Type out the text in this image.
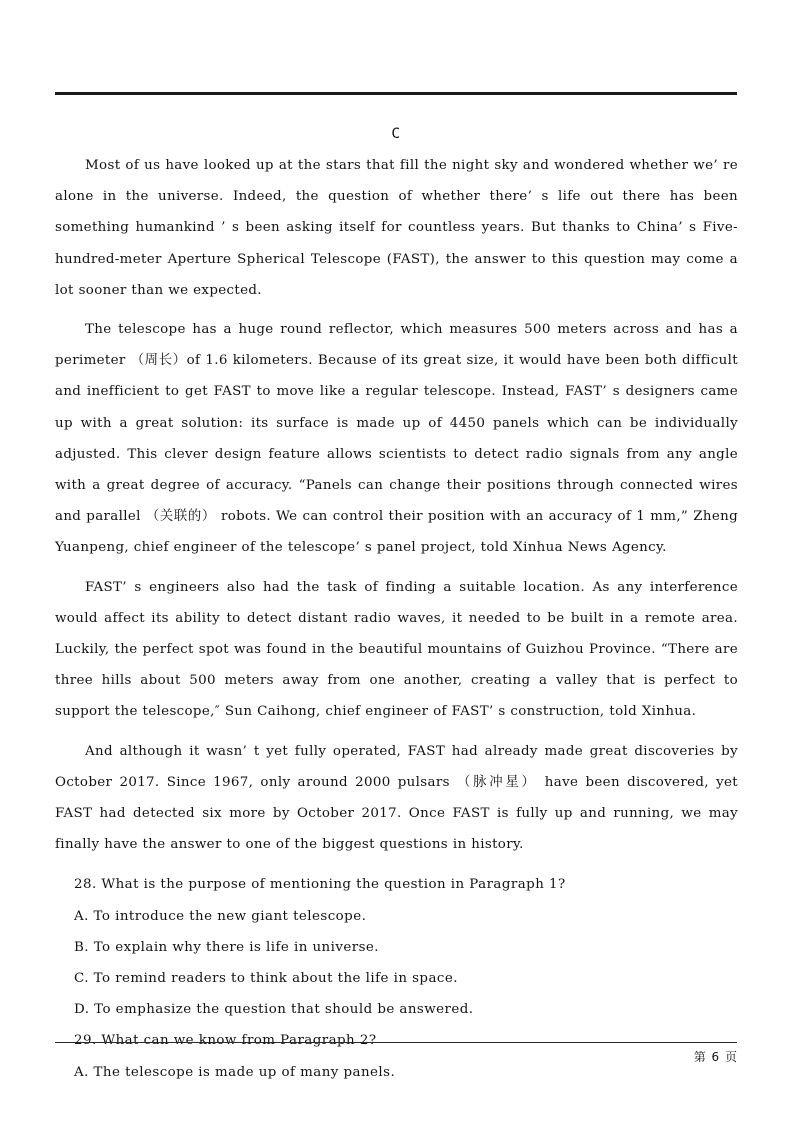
C

Most of us have looked up at the stars that fill the night sky and wondered whether we’ re alone in the universe. Indeed, the question of whether there’ s life out there has been something humankind ’ s been asking itself for countless years. But thanks to China’ s Five-hundred-meter Aperture Spherical Telescope (FAST), the answer to this question may come a lot sooner than we expected.

The telescope has a huge round reflector, which measures 500 meters across and has a perimeter （周长）of 1.6 kilometers. Because of its great size, it would have been both difficult and inefficient to get FAST to move like a regular telescope. Instead, FAST’ s designers came up with a great solution: its surface is made up of 4450 panels which can be individually adjusted. This clever design feature allows scientists to detect radio signals from any angle with a great degree of accuracy. “Panels can change their positions through connected wires and parallel （关联的） robots. We can control their position with an accuracy of 1 mm,” Zheng Yuanpeng, chief engineer of the telescope’ s panel project, told Xinhua News Agency.

FAST’ s engineers also had the task of finding a suitable location. As any interference would affect its ability to detect distant radio waves, it needed to be built in a remote area. Luckily, the perfect spot was found in the beautiful mountains of Guizhou Province. “There are three hills about 500 meters away from one another, creating a valley that is perfect to support the telescope,″ Sun Caihong, chief engineer of FAST’ s construction, told Xinhua.

And although it wasn’ t yet fully operated, FAST had already made great discoveries by October 2017. Since 1967, only around 2000 pulsars （脉冲星） have been discovered, yet FAST had detected six more by October 2017. Once FAST is fully up and running, we may finally have the answer to one of the biggest questions in history.

28. What is the purpose of mentioning the question in Paragraph 1?

A. To introduce the new giant telescope.

B. To explain why there is life in universe.

C. To remind readers to think about the life in space.

D. To emphasize the question that should be answered.

29. What can we know from Paragraph 2?

A. The telescope is made up of many panels.

第 6 页
